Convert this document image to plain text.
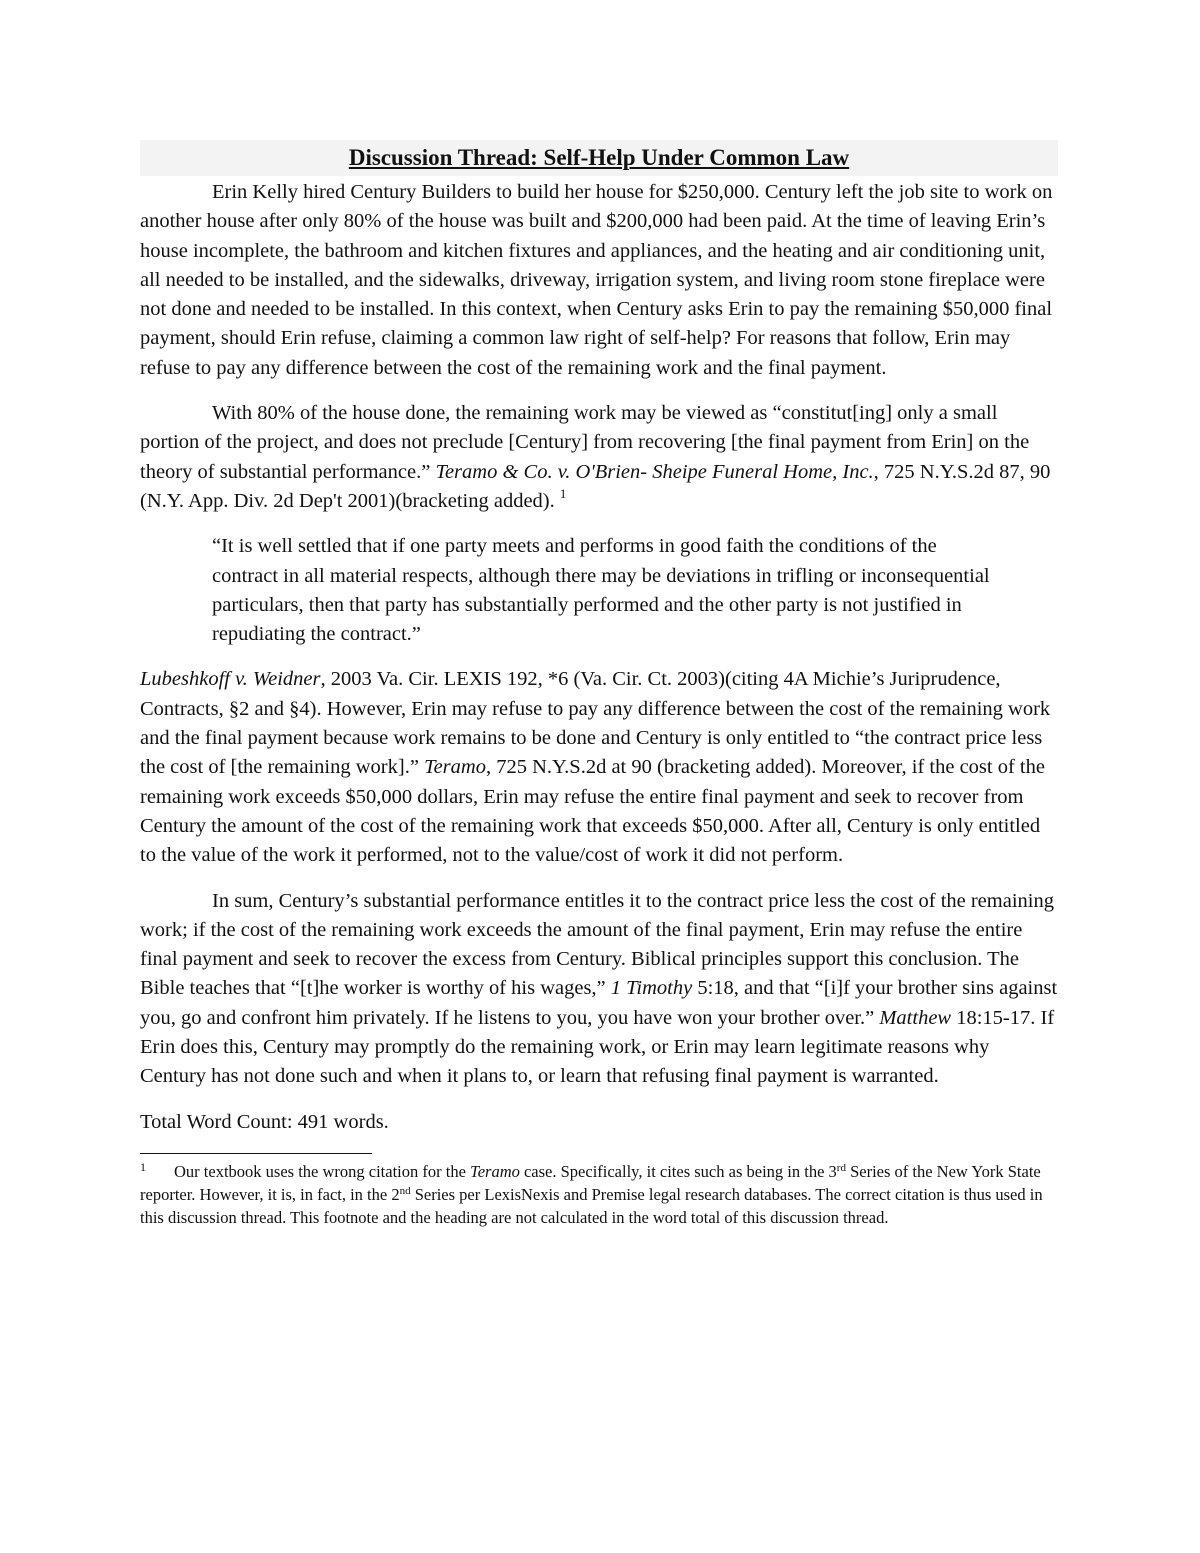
Discussion Thread: Self-Help Under Common Law

Erin Kelly hired Century Builders to build her house for $250,000. Century left the job site to work on another house after only 80% of the house was built and $200,000 had been paid. At the time of leaving Erin’s house incomplete, the bathroom and kitchen fixtures and appliances, and the heating and air conditioning unit, all needed to be installed, and the sidewalks, driveway, irrigation system, and living room stone fireplace were not done and needed to be installed. In this context, when Century asks Erin to pay the remaining $50,000 final payment, should Erin refuse, claiming a common law right of self-help? For reasons that follow, Erin may refuse to pay any difference between the cost of the remaining work and the final payment.

With 80% of the house done, the remaining work may be viewed as “constitut[ing] only a small portion of the project, and does not preclude [Century] from recovering [the final payment from Erin] on the theory of substantial performance.” Teramo & Co. v. O'Brien- Sheipe Funeral Home, Inc., 725 N.Y.S.2d 87, 90 (N.Y. App. Div. 2d Dep't 2001)(bracketing added). $^1$

“It is well settled that if one party meets and performs in good faith the conditions of the contract in all material respects, although there may be deviations in trifling or inconsequential particulars, then that party has substantially performed and the other party is not justified in repudiating the contract.”

Lubeshkoff v. Weidner, 2003 Va. Cir. LEXIS 192, *6 (Va. Cir. Ct. 2003)(citing 4A Michie’s Juriprudence, Contracts, §2 and §4). However, Erin may refuse to pay any difference between the cost of the remaining work and the final payment because work remains to be done and Century is only entitled to “the contract price less the cost of [the remaining work].” Teramo, 725 N.Y.S.2d at 90 (bracketing added). Moreover, if the cost of the remaining work exceeds $50,000 dollars, Erin may refuse the entire final payment and seek to recover from Century the amount of the cost of the remaining work that exceeds $50,000. After all, Century is only entitled to the value of the work it performed, not to the value/cost of work it did not perform.

In sum, Century’s substantial performance entitles it to the contract price less the cost of the remaining work; if the cost of the remaining work exceeds the amount of the final payment, Erin may refuse the entire final payment and seek to recover the excess from Century. Biblical principles support this conclusion. The Bible teaches that “[t]he worker is worthy of his wages,” 1 Timothy 5:18, and that “[i]f your brother sins against you, go and confront him privately. If he listens to you, you have won your brother over.” Matthew 18:15-17. If Erin does this, Century may promptly do the remaining work, or Erin may learn legitimate reasons why Century has not done such and when it plans to, or learn that refusing final payment is warranted.

Total Word Count: 491 words.

1 Our textbook uses the wrong citation for the Teramo case. Specifically, it cites such as being in the 3rd Series of the New York State reporter. However, it is, in fact, in the 2nd Series per LexisNexis and Premise legal research databases. The correct citation is thus used in this discussion thread. This footnote and the heading are not calculated in the word total of this discussion thread.
